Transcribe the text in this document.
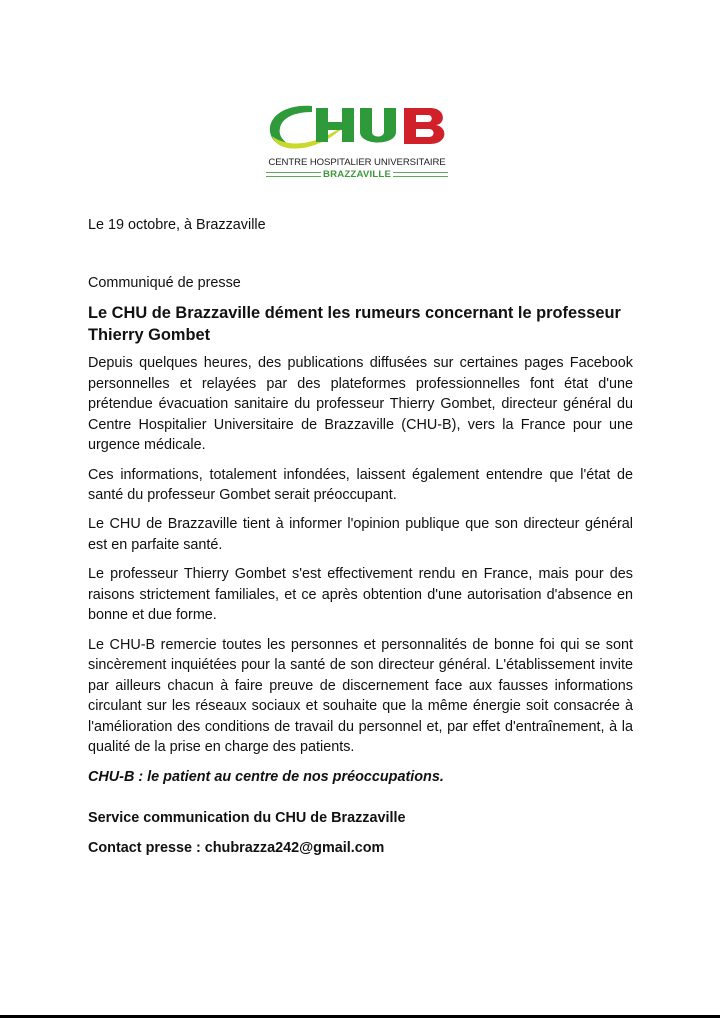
CENTRE HOSPITALIER UNIVERSITAIRE
BRAZZAVILLE
Le 19 octobre, à Brazzaville
Communiqué de presse
Le CHU de Brazzaville dément les rumeurs concernant le professeur Thierry Gombet

Depuis quelques heures, des publications diffusées sur certaines pages Facebook personnelles et relayées par des plateformes professionnelles font état d'une prétendue évacuation sanitaire du professeur Thierry Gombet, directeur général du Centre Hospitalier Universitaire de Brazzaville (CHU-B), vers la France pour une urgence médicale.

Ces informations, totalement infondées, laissent également entendre que l'état de santé du professeur Gombet serait préoccupant.

Le CHU de Brazzaville tient à informer l'opinion publique que son directeur général est en parfaite santé.

Le professeur Thierry Gombet s'est effectivement rendu en France, mais pour des raisons strictement familiales, et ce après obtention d'une autorisation d'absence en bonne et due forme.

Le CHU-B remercie toutes les personnes et personnalités de bonne foi qui se sont sincèrement inquiétées pour la santé de son directeur général. L'établissement invite par ailleurs chacun à faire preuve de discernement face aux fausses informations circulant sur les réseaux sociaux et souhaite que la même énergie soit consacrée à l'amélioration des conditions de travail du personnel et, par effet d'entraînement, à la qualité de la prise en charge des patients.

CHU-B : le patient au centre de nos préoccupations.

Service communication du CHU de Brazzaville
Contact presse : chubrazza242@gmail.com
